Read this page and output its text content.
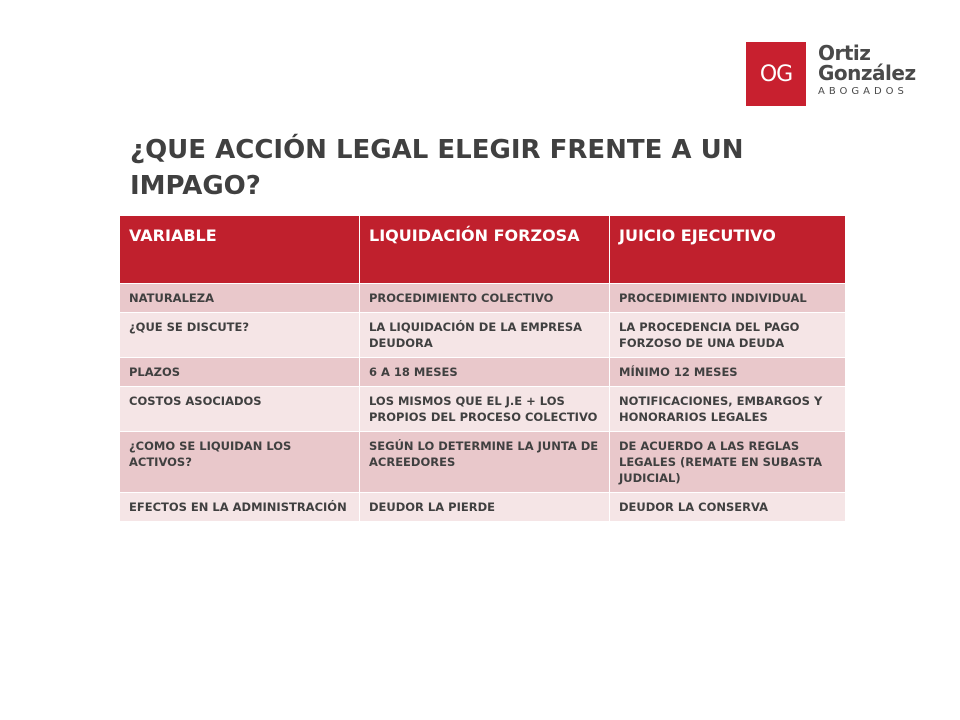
OG
Ortiz
González
ABOGADOS
¿QUE ACCIÓN LEGAL ELEGIR FRENTE A UN IMPAGO?
VARIABLE	LIQUIDACIÓN FORZOSA	JUICIO EJECUTIVO
NATURALEZA	PROCEDIMIENTO COLECTIVO	PROCEDIMIENTO INDIVIDUAL
¿QUE SE DISCUTE?	LA LIQUIDACIÓN DE LA EMPRESA DEUDORA	LA PROCEDENCIA DEL PAGO FORZOSO DE UNA DEUDA
PLAZOS	6 A 18 MESES	MÍNIMO 12 MESES
COSTOS ASOCIADOS	LOS MISMOS QUE EL J.E + LOS PROPIOS DEL PROCESO COLECTIVO	NOTIFICACIONES, EMBARGOS Y HONORARIOS LEGALES
¿COMO SE LIQUIDAN LOS ACTIVOS?	SEGÚN LO DETERMINE LA JUNTA DE ACREEDORES	DE ACUERDO A LAS REGLAS LEGALES (REMATE EN SUBASTA JUDICIAL)
EFECTOS EN LA ADMINISTRACIÓN	DEUDOR LA PIERDE	DEUDOR LA CONSERVA
